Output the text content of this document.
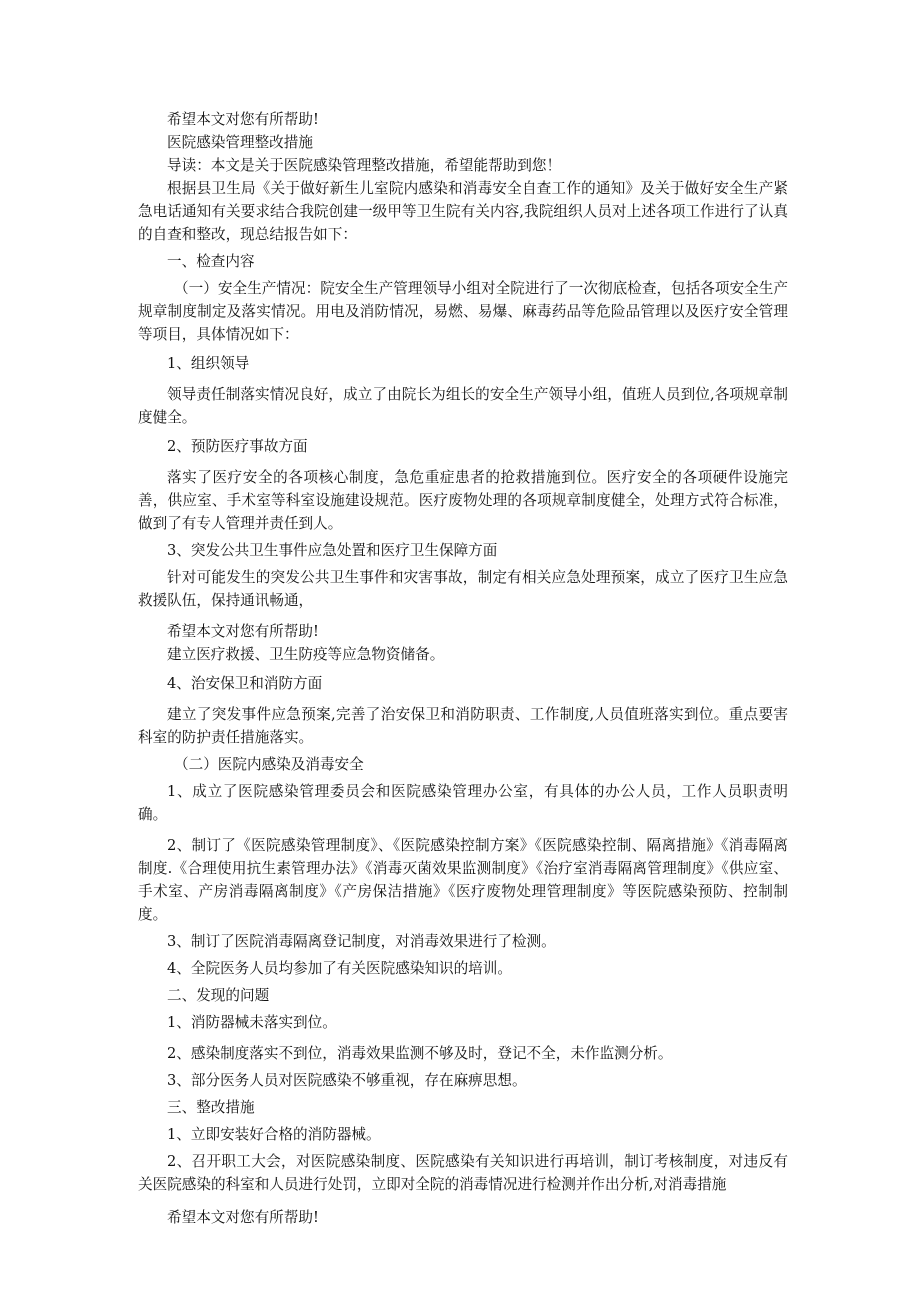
希望本文对您有所帮助!

医院感染管理整改措施

导读：本文是关于医院感染管理整改措施，希望能帮助到您！

根据县卫生局《关于做好新生儿室院内感染和消毒安全自查工作的通知》及关于做好安全生产紧急电话通知有关要求结合我院创建一级甲等卫生院有关内容,我院组织人员对上述各项工作进行了认真的自查和整改，现总结报告如下：

一、检查内容

（一）安全生产情况：院安全生产管理领导小组对全院进行了一次彻底检查，包括各项安全生产规章制度制定及落实情况。用电及消防情况，易燃、易爆、麻毒药品等危险品管理以及医疗安全管理等项目，具体情况如下：

1、组织领导

领导责任制落实情况良好，成立了由院长为组长的安全生产领导小组，值班人员到位,各项规章制度健全。

2、预防医疗事故方面

落实了医疗安全的各项核心制度，急危重症患者的抢救措施到位。医疗安全的各项硬件设施完善，供应室、手术室等科室设施建设规范。医疗废物处理的各项规章制度健全，处理方式符合标准，做到了有专人管理并责任到人。

3、突发公共卫生事件应急处置和医疗卫生保障方面

针对可能发生的突发公共卫生事件和灾害事故，制定有相关应急处理预案，成立了医疗卫生应急救援队伍，保持通讯畅通，

希望本文对您有所帮助!

建立医疗救援、卫生防疫等应急物资储备。

4、治安保卫和消防方面

建立了突发事件应急预案,完善了治安保卫和消防职责、工作制度,人员值班落实到位。重点要害科室的防护责任措施落实。

（二）医院内感染及消毒安全

1、成立了医院感染管理委员会和医院感染管理办公室，有具体的办公人员，工作人员职责明确。

2、制订了《医院感染管理制度》、《医院感染控制方案》《医院感染控制、隔离措施》《消毒隔离制度.《合理使用抗生素管理办法》《消毒灭菌效果监测制度》《治疗室消毒隔离管理制度》《供应室、手术室、产房消毒隔离制度》《产房保洁措施》《医疗废物处理管理制度》等医院感染预防、控制制度。

3、制订了医院消毒隔离登记制度，对消毒效果进行了检测。

4、全院医务人员均参加了有关医院感染知识的培训。

二、发现的问题

1、消防器械未落实到位。

2、感染制度落实不到位，消毒效果监测不够及时，登记不全，未作监测分析。

3、部分医务人员对医院感染不够重视，存在麻痹思想。

三、整改措施

1、立即安装好合格的消防器械。

2、召开职工大会，对医院感染制度、医院感染有关知识进行再培训，制订考核制度，对违反有关医院感染的科室和人员进行处罚，立即对全院的消毒情况进行检测并作出分析,对消毒措施

希望本文对您有所帮助!
